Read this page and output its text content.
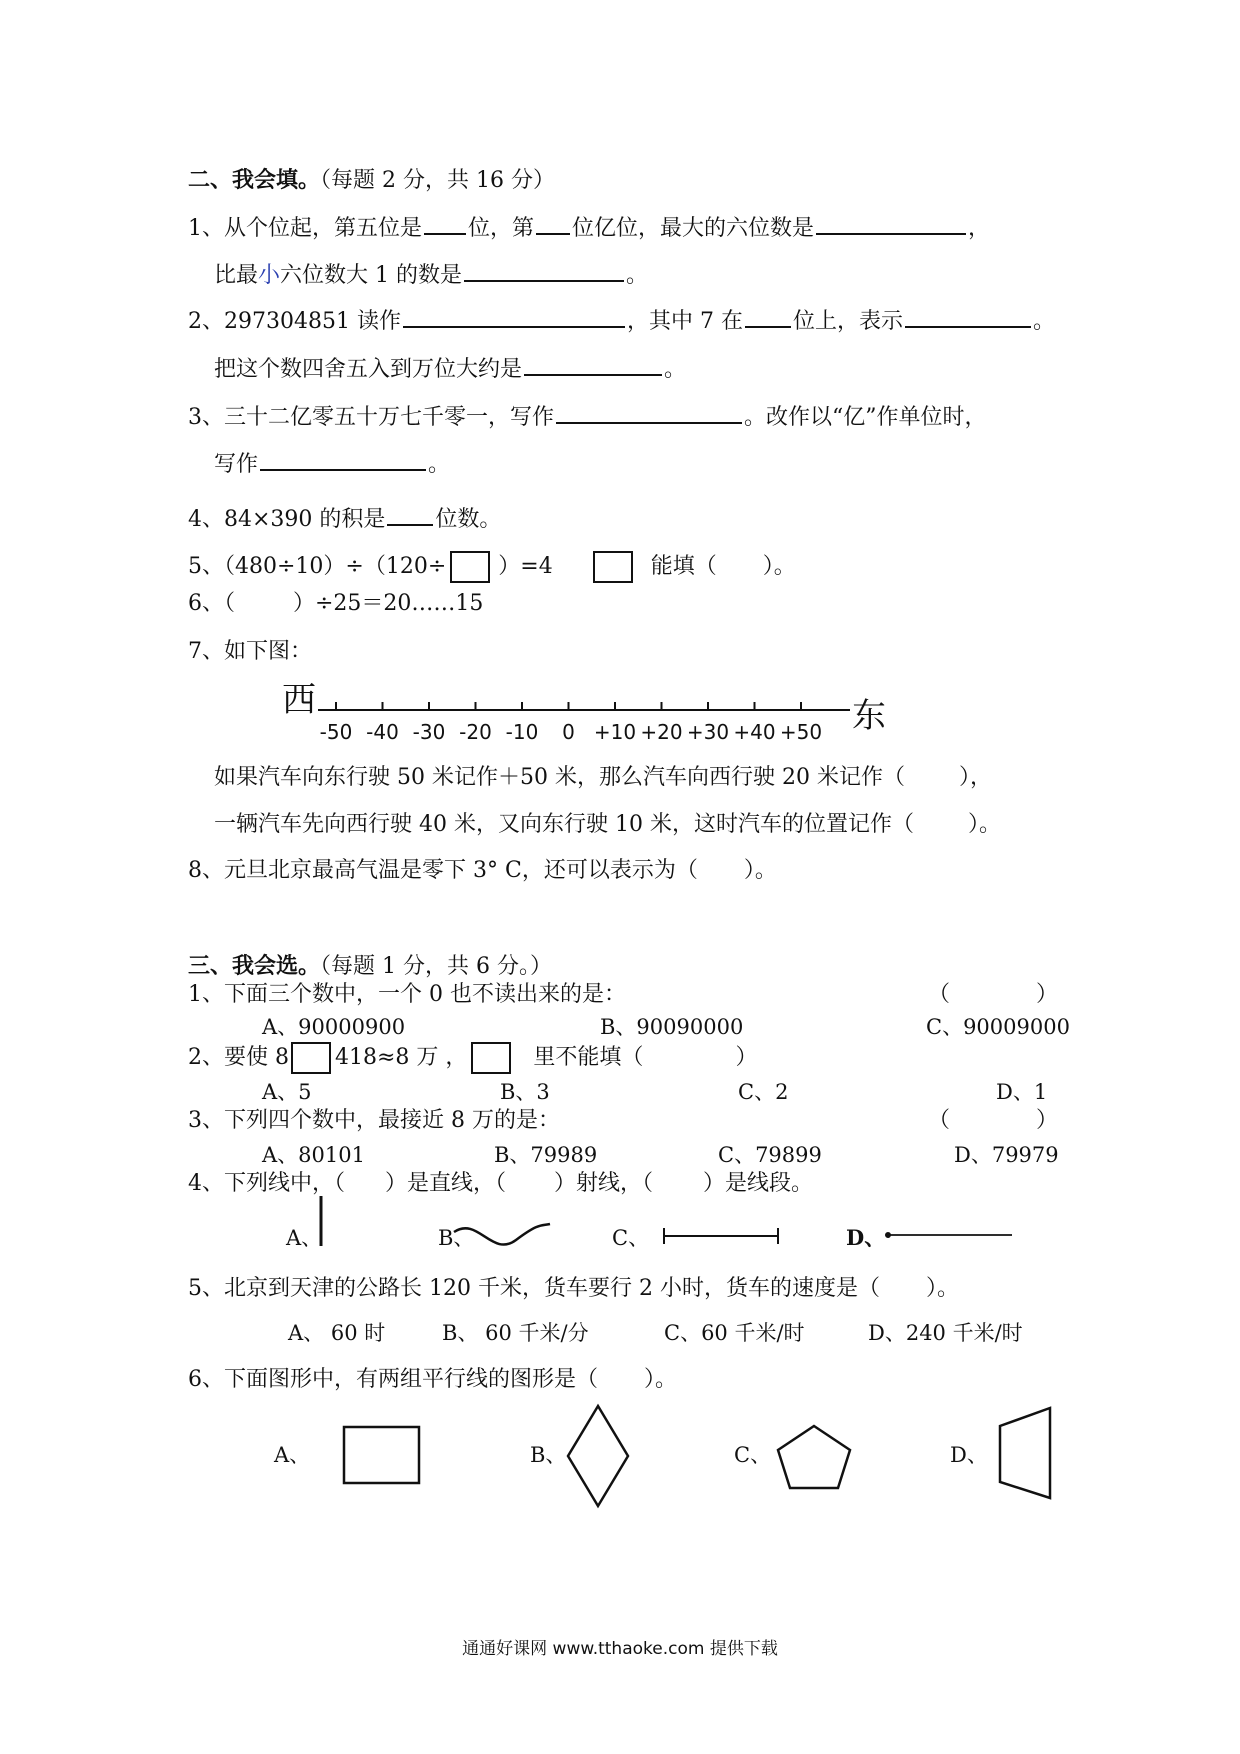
二、我会填。（每题 2 分，共 16 分）
1、从个位起，第五位是 位，第 位亿位，最大的六位数是	，
比最小六位数大 1 的数是	。
2、297304851 读作	，其中 7 在 位上，表示	。
把这个数四舍五入到万位大约是	。
3、三十二亿零五十万七千零一，写作	。改作以“亿”作单位时，
写作	。
4、84×390 的积是 位数。
5、（480÷10）÷（120÷ ）=4	能填（ ）。
6、（	）÷25＝20……15
7、如下图：
西	东
-50 -40 -30 -20 -10	0 +10 +20 +30 +40 +50
如果汽车向东行驶 50 米记作＋50 米，那么汽车向西行驶 20 米记作（ ），
一辆汽车先向西行驶 40 米，又向东行驶 10 米，这时汽车的位置记作（ ）。
8、元旦北京最高气温是零下 3° C，还可以表示为（ ）。
三、我会选。（每题 1 分，共 6 分。）
1、下面三个数中，一个 0 也不读出来的是：	（	）
A、90000900	B、90090000	C、90009000
2、要使 8 418≈8 万 ，	里不能填（	）
A、5	B、3	C、2	D、1
3、下列四个数中，最接近 8 万的是：	（	）
A、80101	B、79989	C、79899	D、79979
4、下列线中，（ ）是直线，（ ）射线，（ ）是线段。
A、	B、	C、	D、
5、北京到天津的公路长 120 千米，货车要行 2 小时，货车的速度是（ ）。
A、 60 时	B、 60 千米/分	C、60 千米/时	D、240 千米/时
6、下面图形中，有两组平行线的图形是（ ）。
A、	B、	C、	D、
通通好课网 www.tthaoke.com 提供下载
